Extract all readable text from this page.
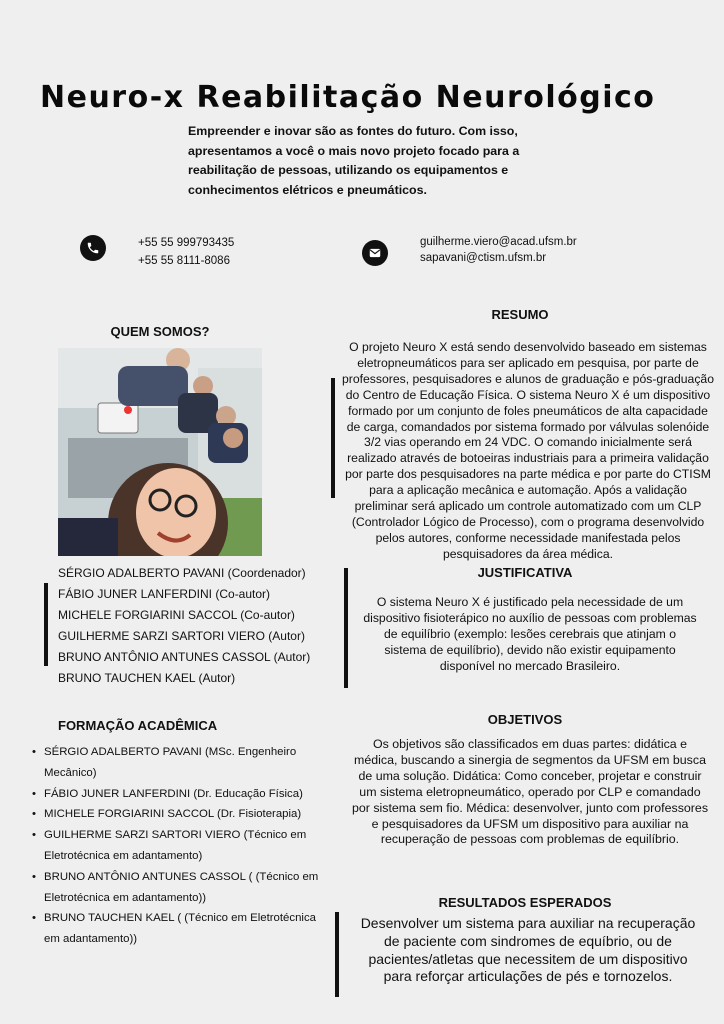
Neuro-x Reabilitação Neurológico
Empreender e inovar são as fontes do futuro. Com isso, apresentamos a você o mais novo projeto focado para a reabilitação de pessoas, utilizando os equipamentos e conhecimentos elétricos e pneumáticos.
+55 55 999793435
+55 55 8111-8086
guilherme.viero@acad.ufsm.br
sapavani@ctism.ufsm.br
QUEM SOMOS?
SÉRGIO ADALBERTO PAVANI (Coordenador)
FÁBIO JUNER LANFERDINI (Co-autor)
MICHELE FORGIARINI SACCOL (Co-autor)
GUILHERME SARZI SARTORI VIERO (Autor)
BRUNO ANTÔNIO ANTUNES CASSOL (Autor)
BRUNO TAUCHEN KAEL (Autor)
FORMAÇÃO ACADÊMICA
• SÉRGIO ADALBERTO PAVANI (MSc. Engenheiro Mecânico)
• FÁBIO JUNER LANFERDINI (Dr. Educação Física)
• MICHELE FORGIARINI SACCOL (Dr. Fisioterapia)
• GUILHERME SARZI SARTORI VIERO (Técnico em Eletrotécnica em adantamento)
• BRUNO ANTÔNIO ANTUNES CASSOL ( (Técnico em Eletrotécnica em adantamento))
• BRUNO TAUCHEN KAEL ( (Técnico em Eletrotécnica em adantamento))
RESUMO
O projeto Neuro X está sendo desenvolvido baseado em sistemas eletropneumáticos para ser aplicado em pesquisa, por parte de professores, pesquisadores e alunos de graduação e pós-graduação do Centro de Educação Física. O sistema Neuro X é um dispositivo formado por um conjunto de foles pneumáticos de alta capacidade de carga, comandados por sistema formado por válvulas solenóide 3/2 vias operando em 24 VDC. O comando inicialmente será realizado através de botoeiras industriais para a primeira validação por parte dos pesquisadores na parte médica e por parte do CTISM para a aplicação mecânica e automação. Após a validação preliminar será aplicado um controle automatizado com um CLP (Controlador Lógico de Processo), com o programa desenvolvido pelos autores, conforme necessidade manifestada pelos pesquisadores da área médica.
JUSTIFICATIVA
O sistema Neuro X é justificado pela necessidade de um dispositivo fisioterápico no auxílio de pessoas com problemas de equilíbrio (exemplo: lesões cerebrais que atinjam o sistema de equilíbrio), devido não existir equipamento disponível no mercado Brasileiro.
OBJETIVOS
Os objetivos são classificados em duas partes: didática e médica, buscando a sinergia de segmentos da UFSM em busca de uma solução. Didática: Como conceber, projetar e construir um sistema eletropneumático, operado por CLP e comandado por sistema sem fio. Médica: desenvolver, junto com professores e pesquisadores da UFSM um dispositivo para auxiliar na recuperação de pessoas com problemas de equilíbrio.
RESULTADOS ESPERADOS
Desenvolver um sistema para auxiliar na recuperação de paciente com sindromes de equíbrio, ou de pacientes/atletas que necessitem de um dispositivo para reforçar articulações de pés e tornozelos.
